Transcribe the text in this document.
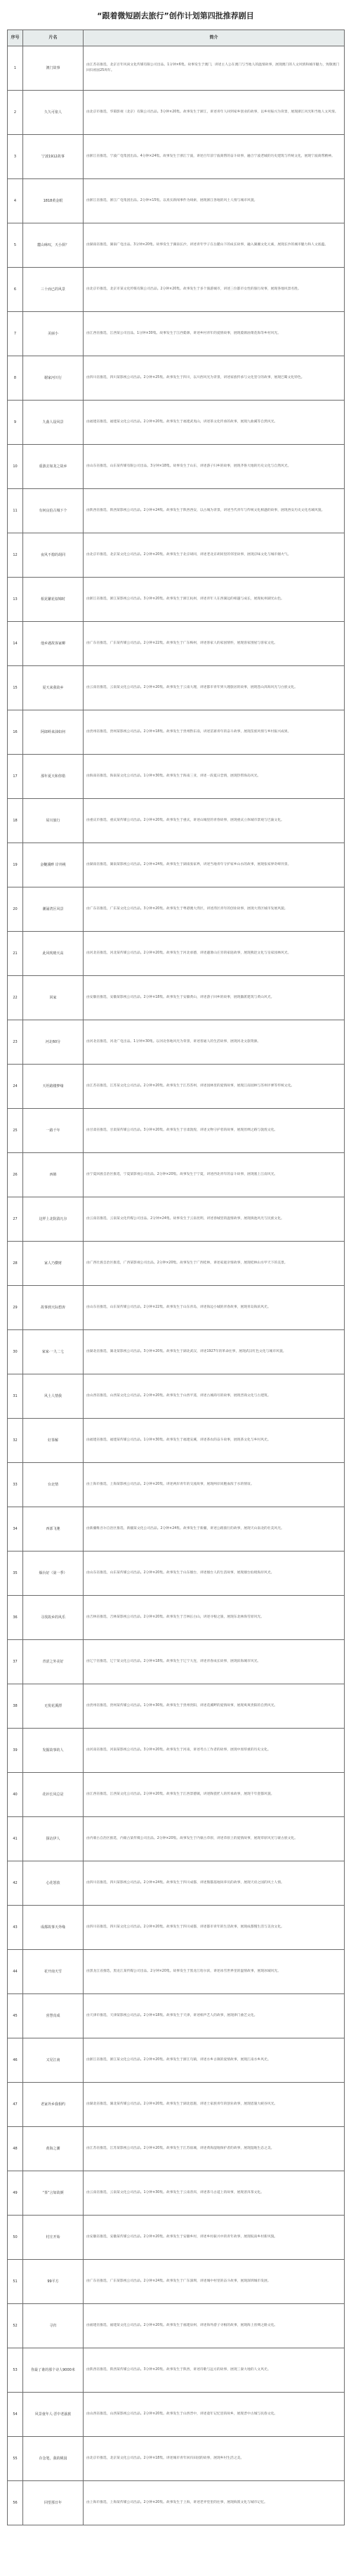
“跟着微短剧去旅行”创作计划第四批推荐剧目
序号	片名	简介
1	澳门故事	由江苏省推选，北京百年风尚文化传媒有限公司出品。1分钟×6集。故事发生于澳门，讲述主人公在澳门与当地人的温情故事，展现澳门的人文风情和城市魅力，致敬澳门回归祖国25周年。
2	久久可依人	由北京市推选，华策影视（北京）有限公司出品。3分钟×20集。故事发生于浙江，讲述青年人回到家乡创业的故事，以乡村振兴为背景，展现浙江风光和当地人文风情。
3	宁波1912故事	由浙江省推选，宁波广电集团出品。4分钟×24集。故事发生于浙江宁波，讲述百年前宁波商帮的奋斗故事，融合宁波老城的历史建筑与传统文化，展现宁波商帮精神。
4	1818黄金眼	由浙江省推选，浙江广电集团出品。2分钟×15集。以真实新闻事件为线索，展现浙江各地的风土人情与城市风貌。
5	麓山咏叹，天小烦？	由湖南省推选，湖南广电出品。3分钟×20集。故事发生于湖南长沙，讲述青年学子在岳麓山下的成长故事，融入湖湘文化元素，展现长沙的城市魅力和人文底蕴。
6	三十而已的风景	由北京市推选，北京市某文化传媒有限公司出品。2分钟×20集。故事发生于多个旅游城市，讲述三位都市女性的旅行故事，展现各地风景名胜。
7	美丽小	由江西省推选，江西某公司出品。1分钟×30集。故事发生于江西婺源，讲述乡村青年的爱情故事，展现婺源油菜花海等乡村风光。
8	谢家河川行	由四川省推选，四川某影视公司出品。2分钟×25集。故事发生于四川，以川西风光为背景，讲述家族传承与文化坚守的故事，展现巴蜀文化特色。
9	九曲人设风景	由福建省推选，福建某文化公司出品。2分钟×20集。故事发生于福建武夷山，讲述茶文化传承的故事，展现九曲溪等自然风光。
10	重游去如龙之故乡	由山东省推选，山东某传媒有限公司出品。3分钟×18集。故事发生于山东，讲述游子归乡的故事，展现齐鲁大地的历史文化与自然风光。
11	有何良伯古城下个	由陕西省推选，陕西某影视公司出品。2分钟×24集。故事发生于陕西西安，以古城为背景，讲述当代青年与传统文化相遇的故事，展现西安历史文化名城风貌。
12	夜风不熄的胡同	由北京市推选，北京某文化公司出品。2分钟×20集。故事发生于北京胡同，讲述老北京胡同里的邻里故事，展现京味文化与城市烟火气。
13	相见繁花似锦时	由浙江省推选，浙江某影视公司出品。3分钟×20集。故事发生于浙江杭州，讲述青年人在西湖边的相遇与成长，展现杭州湖光山色。
14	他乡遇故客家柳	由广东省推选，广东某传媒公司出品。2分钟×22集。故事发生于广东梅州，讲述客家人的家国情怀，展现客家围屋与客家文化。
15	夏天来我故乡	由云南省推选，云南某文化公司出品。2分钟×20集。故事发生于云南大理，讲述都市青年到大理旅居的故事，展现苍山洱海风光与白族文化。
16	阿郎岭来油如何	由贵州省推选，贵州某影视公司出品。2分钟×18集。故事发生于贵州黔东南，讲述苗寨青年的奋斗故事，展现苗族风情与乡村振兴成果。
17	那年夏天和你错	由海南省推选，海南某文化公司出品。1分钟×30集。故事发生于海南三亚，讲述一段夏日恋情，展现热带海岛风光。
18	屋川旅行	由重庆市推选，重庆某传媒公司出品。2分钟×20集。故事发生于重庆，讲述山城里的青春故事，展现重庆立体城市景观与巴渝文化。
19	金鞭溪畔 岸外桃	由湖南省推选，湖南某影视公司出品。2分钟×24集。故事发生于湖南张家界，讲述当地青年守护家乡山水的故事，展现张家界奇峰异景。
20	潮涌湾区风景	由广东省推选，广东某文化公司出品。3分钟×20集。故事发生于粤港澳大湾区，讲述湾区青年的创业故事，展现大湾区城市发展风貌。
21	此风吹晴天高	由河北省推选，河北某传媒公司出品。2分钟×20集。故事发生于河北承德，讲述避暑山庄旁的家庭故事，展现燕赵文化与皇家园林风光。
22	回家	由安徽省推选，安徽某影视公司出品。2分钟×18集。故事发生于安徽黄山，讲述游子回乡的故事，展现徽派建筑与黄山风光。
23	河北60分	由河北省推选，河北广电出品。1分钟×30集。以河北各地风光为背景，讲述普通人的生活故事，展现河北文旅资源。
24	天坦路楼梦缘	由江苏省推选，江苏某文化公司出品。2分钟×20集。故事发生于江苏苏州，讲述园林里的爱情故事，展现江南园林与苏州评弹等传统文化。
25	一路千年	由甘肃省推选，甘肃某传媒公司出品。3分钟×20集。故事发生于甘肃敦煌，讲述文物守护者的故事，展现丝绸之路与敦煌文化。
26	西锦	由宁夏回族自治区推选，宁夏某影视公司出品。2分钟×20集。故事发生于宁夏，讲述西北青年的奋斗故事，展现塞上江南风光。
27	这样上北院滇凡尔	由云南省推选，云南某文化传媒公司出品。2分钟×24集。故事发生于云南昆明，讲述春城里的温情故事，展现滇池风光与民族文化。
28	家人乃横财	由广西壮族自治区推选，广西某影视公司出品。2分钟×20集。故事发生于广西桂林，讲述家庭亲情故事，展现桂林山水甲天下的美景。
29	故事到天际碧涛	由山东省推选，山东某传媒公司出品。2分钟×22集。故事发生于山东青岛，讲述海边小城的青春故事，展现青岛海滨风光。
30	家家·一九二七	由湖北省推选，湖北某影视公司出品。3分钟×20集。故事发生于湖北武汉，讲述1927年的革命往事，展现武汉红色文化与城市风貌。
31	风土人情我	由山西省推选，山西某文化公司出品。2分钟×20集。故事发生于山西平遥，讲述古城商号的故事，展现晋商文化与古建筑。
32	好茶解	由福建省推选，福建某传媒公司出品。1分钟×30集。故事发生于福建安溪，讲述茶农的奋斗故事，展现茶文化与乡村风光。
33	台北情	由上海市推选，上海某影视公司出品。2分钟×20集。讲述两岸青年的交流故事，展现两岸同胞血浓于水的情谊。
34	西部飞驰	由新疆维吾尔自治区推选，新疆某文化公司出品。2分钟×24集。故事发生于新疆，讲述公路旅行的故事，展现天山南北的壮美风光。
35	烟台好（第一季）	由山东省推选，山东某传媒公司出品。2分钟×20集。故事发生于山东烟台，讲述烟台人的生活故事，展现烟台仙境海岸风光。
36	寻找故乡的风乐	由吉林省推选，吉林某影视公司出品。2分钟×20集。故事发生于吉林长白山，讲述寻根之旅，展现东北林海雪原风光。
37	青涩之外美好	由辽宁省推选，辽宁某文化公司出品。2分钟×18集。故事发生于辽宁大连，讲述青春成长故事，展现滨海城市风光。
38	无忧花溪漂	由贵州省推选，贵州某传媒公司出品。1分钟×30集。故事发生于贵州贵阳，讲述花溪畔的爱情故事，展现爽爽贵阳的自然风光。
39	发掘故事的人	由河南省推选，河南某影视公司出品。3分钟×20集。故事发生于河南，讲述考古工作者的故事，展现中原厚重的历史文化。
40	花衫长风总是	由江西省推选，江西某文化公司出品。2分钟×20集。故事发生于江西景德镇，讲述陶瓷匠人的传承故事，展现千年瓷都风貌。
41	探访伊人	由内蒙古自治区推选，内蒙古某传媒公司出品。2分钟×20集。故事发生于内蒙古草原，讲述草原上的爱情故事，展现草原风光与蒙古族文化。
42	心花怒放	由四川省推选，四川某影视公司出品。2分钟×24集。故事发生于四川成都，讲述熊猫基地饲养员的故事，展现天府之国的风土人情。
43	成都故事天外缘	由四川省推选，四川某文化公司出品。2分钟×20集。故事发生于四川成都，讲述都市青年的生活故事，展现成都慢生活与美食文化。
44	花开南天雪	由黑龙江省推选，黑龙江某传媒公司出品。2分钟×20集。故事发生于黑龙江哈尔滨，讲述冰雪世界里的温情故事，展现冰城风光。
45	喜慧真成	由天津市推选，天津某影视公司出品。2分钟×18集。故事发生于天津，讲述相声艺人的故事，展现津门曲艺文化。
46	又见江南	由浙江省推选，浙江某文化公司出品。2分钟×20集。故事发生于浙江乌镇，讲述水乡古镇的爱情故事，展现江南水乡风光。
47	老家外乡我相约	由湖北省推选，湖北某传媒公司出品。2分钟×20集。故事发生于湖北恩施，讲述土家族青年的创业故事，展现恩施大峡谷风光。
48	黄海之潮	由江苏省推选，江苏某影视公司出品。2分钟×20集。故事发生于江苏盐城，讲述黄海湿地保护者的故事，展现湿地生态之美。
49	“茶”言如故颜	由云南省推选，云南某文化公司出品。1分钟×30集。故事发生于云南普洱，讲述茶马古道上的故事，展现普洱茶文化。
50	村庄开始	由安徽省推选，安徽某传媒公司出品。2分钟×20集。故事发生于安徽乡村，讲述乡村振兴中的青年故事，展现皖南乡村新风貌。
51	99平方	由广东省推选，广东某影视公司出品。2分钟×24集。故事发生于广东深圳，讲述城中村里的奋斗故事，展现深圳城市发展。
52	寻归	由福建省推选，福建某文化公司出品。2分钟×20集。故事发生于福建泉州，讲述海外游子寻根的故事，展现海上丝绸之路文化。
53	你最了谁的那个诗人9000米	由陕西省推选，陕西某传媒公司出品。3分钟×20集。故事发生于陕西，讲述诗歌与远方的故事，展现三秦大地的人文风光。
54	风景童年人·晋中老渝旅	由山西省推选，山西某影视公司出品。2分钟×20集。故事发生于山西晋中，讲述童年记忆里的故乡，展现晋中古城与民俗文化。
55	存念笔，我的桃园	由北京市推选，北京某文化公司出品。2分钟×18集。讲述城市青年回归田园的故事，展现乡村生活之美。
56	回望那日年	由上海市推选，上海某传媒公司出品。2分钟×20集。故事发生于上海，讲述老弄堂里的往事，展现海派文化与城市记忆。
